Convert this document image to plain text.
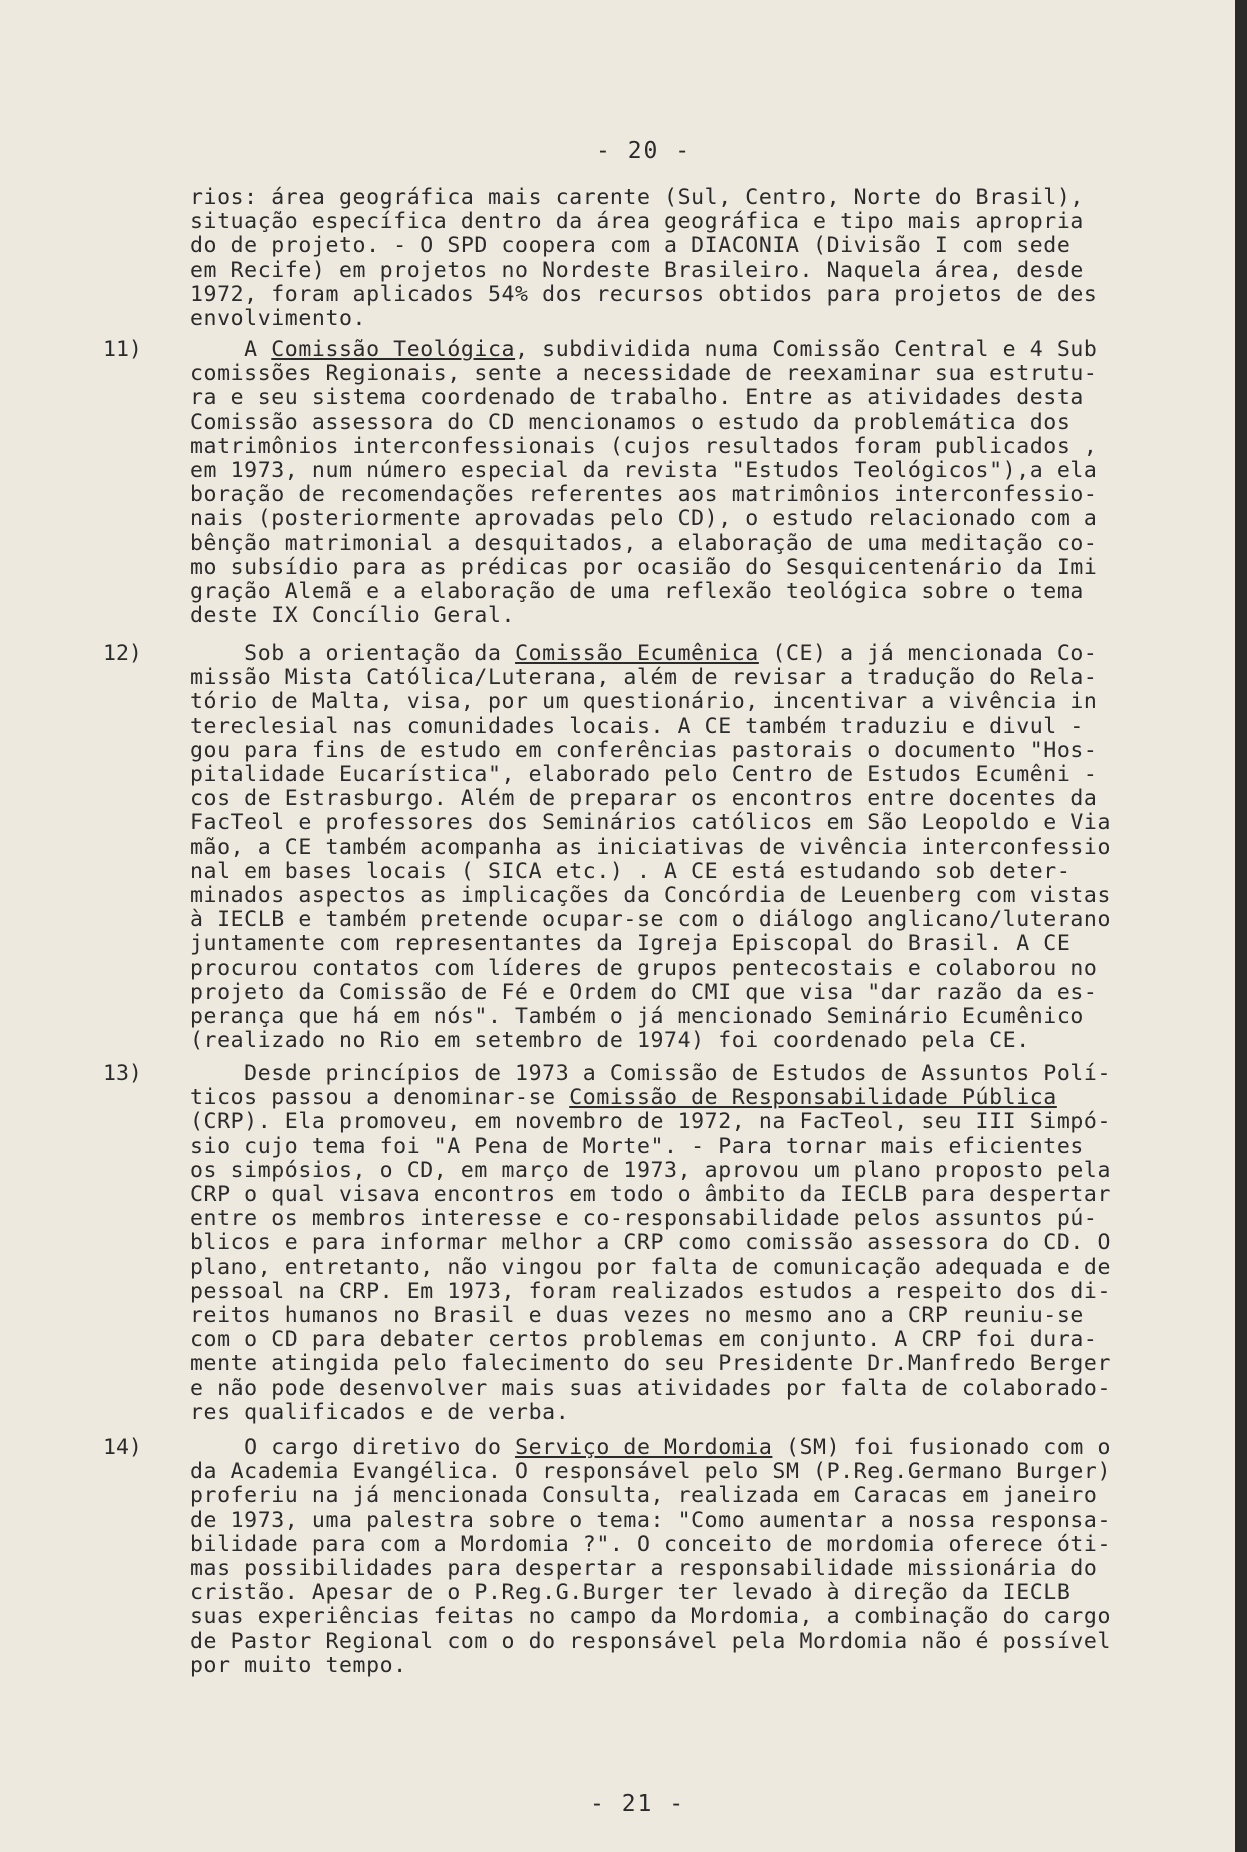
- 20 -
- 21 -
rios: área geográfica mais carente (Sul, Centro, Norte do Brasil),
situação específica dentro da área geográfica e tipo mais apropria
do de projeto. - O SPD coopera com a DIACONIA (Divisão I com sede
em Recife) em projetos no Nordeste Brasileiro. Naquela área, desde
1972, foram aplicados 54% dos recursos obtidos para projetos de des
envolvimento.
11) A Comissão Teológica, subdividida numa Comissão Central e 4 Sub
comissões Regionais, sente a necessidade de reexaminar sua estrutu-
ra e seu sistema coordenado de trabalho. Entre as atividades desta
Comissão assessora do CD mencionamos o estudo da problemática dos
matrimônios interconfessionais (cujos resultados foram publicados ,
em 1973, num número especial da revista "Estudos Teológicos"),a ela
boração de recomendações referentes aos matrimônios interconfessio-
nais (posteriormente aprovadas pelo CD), o estudo relacionado com a
bênção matrimonial a desquitados, a elaboração de uma meditação co-
mo subsídio para as prédicas por ocasião do Sesquicentenário da Imi
gração Alemã e a elaboração de uma reflexão teológica sobre o tema
deste IX Concílio Geral.
12) Sob a orientação da Comissão Ecumênica (CE) a já mencionada Co-
missão Mista Católica/Luterana, além de revisar a tradução do Rela-
tório de Malta, visa, por um questionário, incentivar a vivência in
tereclesial nas comunidades locais. A CE também traduziu e divul -
gou para fins de estudo em conferências pastorais o documento "Hos-
pitalidade Eucarística", elaborado pelo Centro de Estudos Ecumêni -
cos de Estrasburgo. Além de preparar os encontros entre docentes da
FacTeol e professores dos Seminários católicos em São Leopoldo e Via
mão, a CE também acompanha as iniciativas de vivência interconfessio
nal em bases locais ( SICA etc.) . A CE está estudando sob deter-
minados aspectos as implicações da Concórdia de Leuenberg com vistas
à IECLB e também pretende ocupar-se com o diálogo anglicano/luterano
juntamente com representantes da Igreja Episcopal do Brasil. A CE
procurou contatos com líderes de grupos pentecostais e colaborou no
projeto da Comissão de Fé e Ordem do CMI que visa "dar razão da es-
perança que há em nós". Também o já mencionado Seminário Ecumênico
(realizado no Rio em setembro de 1974) foi coordenado pela CE.
13) Desde princípios de 1973 a Comissão de Estudos de Assuntos Polí-
ticos passou a denominar-se Comissão de Responsabilidade Pública
(CRP). Ela promoveu, em novembro de 1972, na FacTeol, seu III Simpó-
sio cujo tema foi "A Pena de Morte". - Para tornar mais eficientes
os simpósios, o CD, em março de 1973, aprovou um plano proposto pela
CRP o qual visava encontros em todo o âmbito da IECLB para despertar
entre os membros interesse e co-responsabilidade pelos assuntos pú-
blicos e para informar melhor a CRP como comissão assessora do CD. O
plano, entretanto, não vingou por falta de comunicação adequada e de
pessoal na CRP. Em 1973, foram realizados estudos a respeito dos di-
reitos humanos no Brasil e duas vezes no mesmo ano a CRP reuniu-se
com o CD para debater certos problemas em conjunto. A CRP foi dura-
mente atingida pelo falecimento do seu Presidente Dr.Manfredo Berger
e não pode desenvolver mais suas atividades por falta de colaborado-
res qualificados e de verba.
14) O cargo diretivo do Serviço de Mordomia (SM) foi fusionado com o
da Academia Evangélica. O responsável pelo SM (P.Reg.Germano Burger)
proferiu na já mencionada Consulta, realizada em Caracas em janeiro
de 1973, uma palestra sobre o tema: "Como aumentar a nossa responsa-
bilidade para com a Mordomia ?". O conceito de mordomia oferece óti-
mas possibilidades para despertar a responsabilidade missionária do
cristão. Apesar de o P.Reg.G.Burger ter levado à direção da IECLB
suas experiências feitas no campo da Mordomia, a combinação do cargo
de Pastor Regional com o do responsável pela Mordomia não é possível
por muito tempo.
